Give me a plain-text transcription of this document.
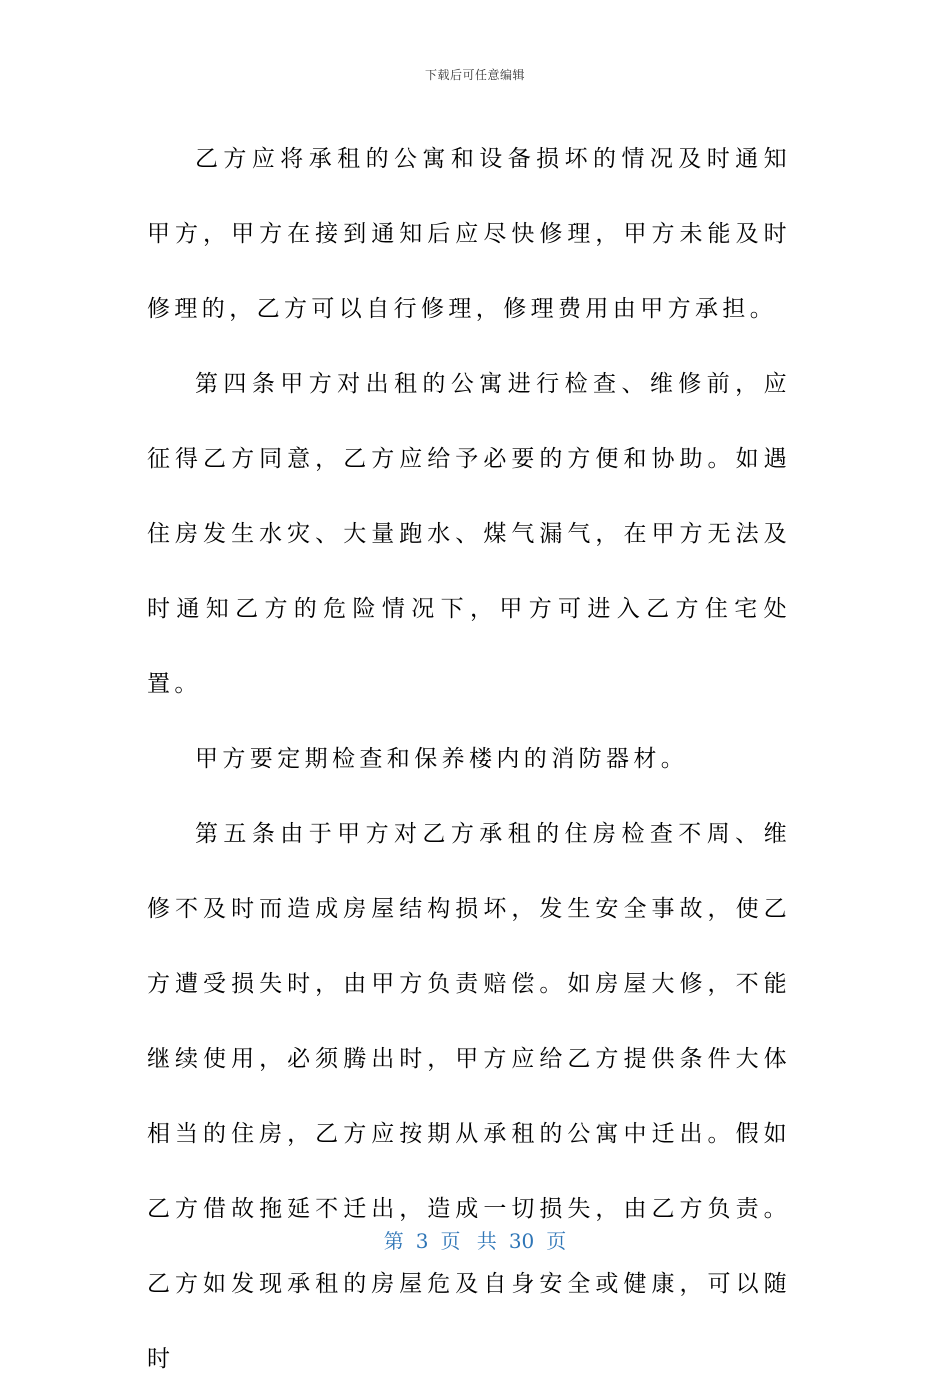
下载后可任意编辑

乙方应将承租的公寓和设备损坏的情况及时通知甲方，甲方在接到通知后应尽快修理，甲方未能及时修理的，乙方可以自行修理，修理费用由甲方承担。

第四条甲方对出租的公寓进行检查、维修前，应征得乙方同意，乙方应给予必要的方便和协助。如遇住房发生水灾、大量跑水、煤气漏气，在甲方无法及时通知乙方的危险情况下，甲方可进入乙方住宅处置。

甲方要定期检查和保养楼内的消防器材。

第五条由于甲方对乙方承租的住房检查不周、维修不及时而造成房屋结构损坏，发生安全事故，使乙方遭受损失时，由甲方负责赔偿。如房屋大修，不能继续使用，必须腾出时，甲方应给乙方提供条件大体相当的住房，乙方应按期从承租的公寓中迁出。假如乙方借故拖延不迁出，造成一切损失，由乙方负责。乙方如发现承租的房屋危及自身安全或健康，可以随时

第 3 页 共 30 页
